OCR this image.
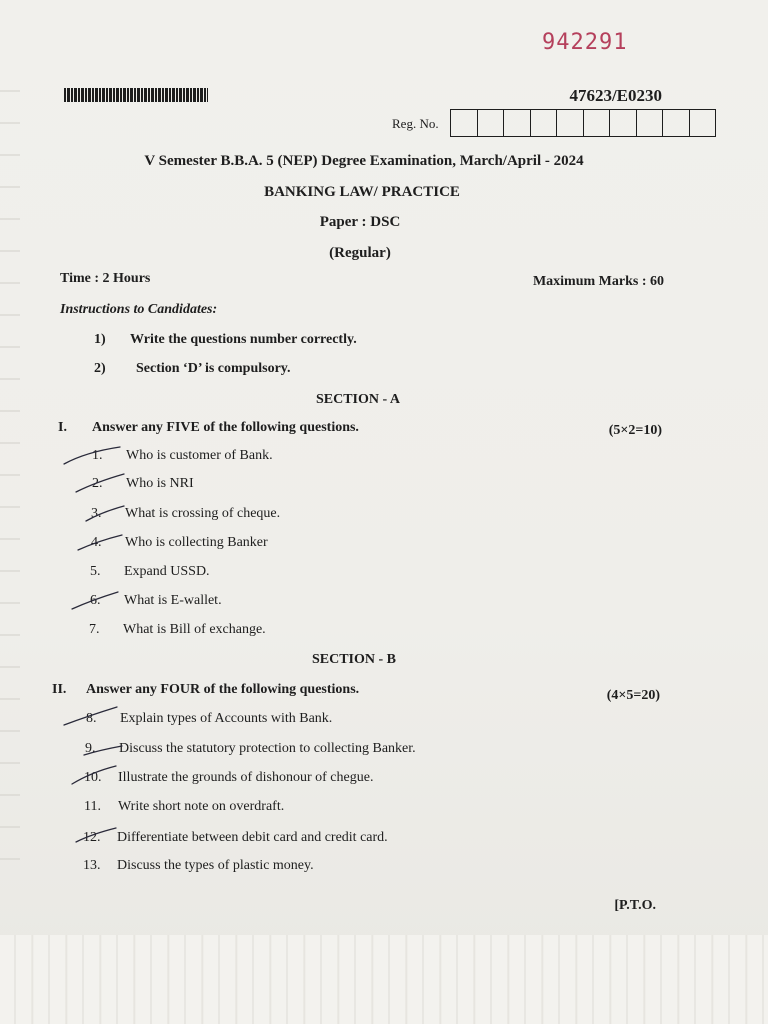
942291
47623/E0230
Reg. No.
V Semester B.B.A. 5 (NEP) Degree Examination, March/April - 2024
BANKING LAW/ PRACTICE
Paper : DSC
(Regular)
Time : 2 Hours	Maximum Marks : 60
Instructions to Candidates:
1) Write the questions number correctly.
2) Section ‘D’ is compulsory.
SECTION - A
I. Answer any FIVE of the following questions.	(5×2=10)
1. Who is customer of Bank.
2. Who is NRI
3. What is crossing of cheque.
4. Who is collecting Banker
5. Expand USSD.
6. What is E-wallet.
7. What is Bill of exchange.
SECTION - B
II. Answer any FOUR of the following questions.	(4×5=20)
8. Explain types of Accounts with Bank.
9. Discuss the statutory protection to collecting Banker.
10. Illustrate the grounds of dishonour of chegue.
11. Write short note on overdraft.
12. Differentiate between debit card and credit card.
13. Discuss the types of plastic money.
[P.T.O.
